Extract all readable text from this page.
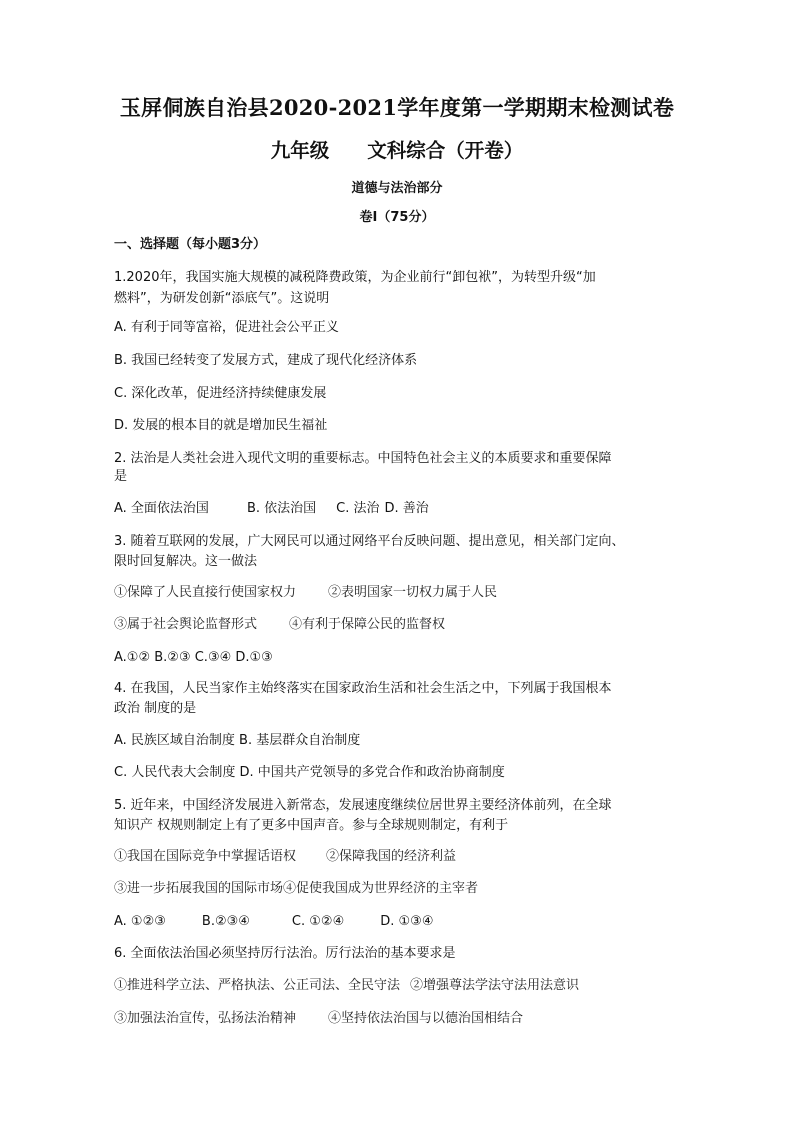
玉屏侗族自治县2020-2021学年度第一学期期末检测试卷
九年级 文科综合（开卷）
道德与法治部分
卷Ⅰ（75分）
一、选择题（每小题3分）
1.2020年，我国实施大规模的减税降费政策，为企业前行“卸包袱”，为转型升级“加
燃料”，为研发创新“添底气”。这说明
A. 有利于同等富裕，促进社会公平正义
B. 我国已经转变了发展方式，建成了现代化经济体系
C. 深化改革，促进经济持续健康发展
D. 发展的根本目的就是增加民生福祉
2. 法治是人类社会进入现代文明的重要标志。中国特色社会主义的本质要求和重要保障
是
A. 全面依法治国	B. 依法治国 C. 法治 D. 善治
3. 随着互联网的发展，广大网民可以通过网络平台反映问题、提出意见，相关部门定向、
限时回复解决。这一做法
①保障了人民直接行使国家权力 ②表明国家一切权力属于人民
③属于社会舆论监督形式 ④有利于保障公民的监督权
A.①② B.②③ C.③④ D.①③
4. 在我国，人民当家作主始终落实在国家政治生活和社会生活之中，下列属于我国根本
政治 制度的是
A. 民族区域自治制度 B. 基层群众自治制度
C. 人民代表大会制度 D. 中国共产党领导的多党合作和政治协商制度
5. 近年来，中国经济发展进入新常态，发展速度继续位居世界主要经济体前列，在全球
知识产 权规则制定上有了更多中国声音。参与全球规则制定，有利于
①我国在国际竞争中掌握话语权 ②保障我国的经济利益
③进一步拓展我国的国际市场④促使我国成为世界经济的主宰者
A. ①②③	B.②③④	C. ①②④	D. ①③④
6. 全面依法治国必须坚持厉行法治。厉行法治的基本要求是
①推进科学立法、严格执法、公正司法、全民守法 ②增强尊法学法守法用法意识
③加强法治宣传，弘扬法治精神 ④坚持依法治国与以德治国相结合
